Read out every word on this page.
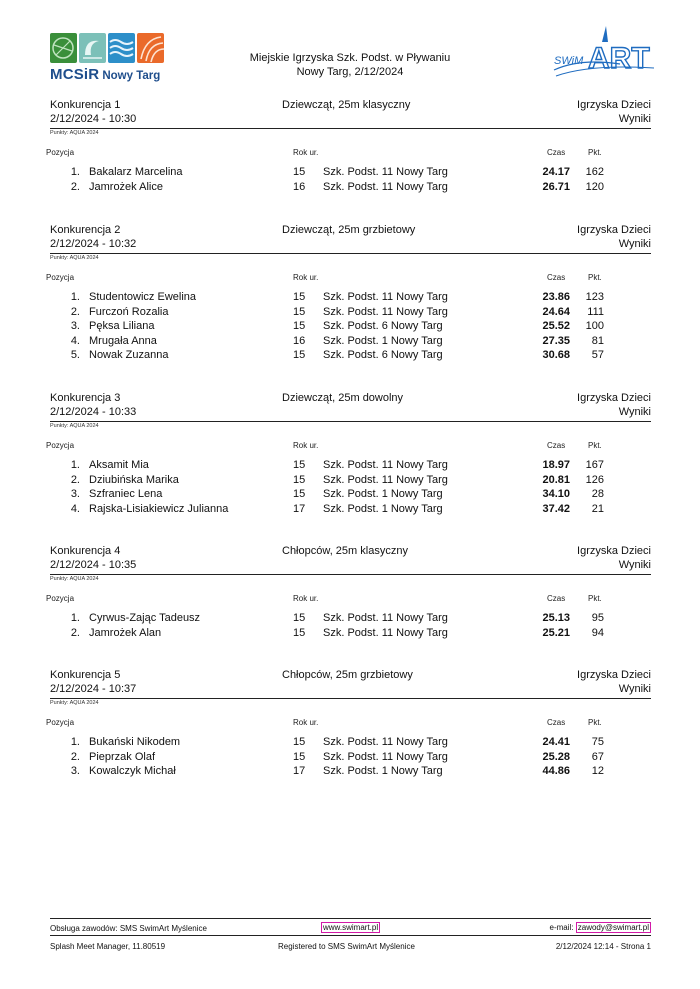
MCSiR Nowy Targ
Miejskie Igrzyska Szk. Podst. w Pływaniu
Nowy Targ, 2/12/2024
SWiM ART
Konkurencja 1	Dziewcząt, 25m klasyczny	Igrzyska Dzieci
2/12/2024 - 10:30	Wyniki
Punkty: AQUA 2024
Pozycja	Rok ur.	Czas	Pkt.
1. Bakalarz Marcelina	15 Szk. Podst. 11 Nowy Targ	24.17 162
2. Jamrożek Alice	16 Szk. Podst. 11 Nowy Targ	26.71 120
Konkurencja 2	Dziewcząt, 25m grzbietowy	Igrzyska Dzieci
2/12/2024 - 10:32	Wyniki
Punkty: AQUA 2024
Pozycja	Rok ur.	Czas	Pkt.
1. Studentowicz Ewelina	15 Szk. Podst. 11 Nowy Targ	23.86 123
2. Furczoń Rozalia	15 Szk. Podst. 11 Nowy Targ	24.64	111
3. Pęksa Liliana	15 Szk. Podst. 6 Nowy Targ	25.52 100
4. Mrugała Anna	16 Szk. Podst. 1 Nowy Targ	27.35	81
5. Nowak Zuzanna	15 Szk. Podst. 6 Nowy Targ	30.68	57
Konkurencja 3	Dziewcząt, 25m dowolny	Igrzyska Dzieci
2/12/2024 - 10:33	Wyniki
Punkty: AQUA 2024
Pozycja	Rok ur.	Czas	Pkt.
1. Aksamit Mia	15 Szk. Podst. 11 Nowy Targ	18.97 167
2. Dziubińska Marika	15 Szk. Podst. 11 Nowy Targ	20.81 126
3. Szfraniec Lena	15 Szk. Podst. 1 Nowy Targ	34.10	28
4. Rajska-Lisiakiewicz Julianna	17 Szk. Podst. 1 Nowy Targ	37.42	21
Konkurencja 4	Chłopców, 25m klasyczny	Igrzyska Dzieci
2/12/2024 - 10:35	Wyniki
Punkty: AQUA 2024
Pozycja	Rok ur.	Czas	Pkt.
1. Cyrwus-Zając Tadeusz	15 Szk. Podst. 11 Nowy Targ	25.13	95
2. Jamrożek Alan	15 Szk. Podst. 11 Nowy Targ	25.21	94
Konkurencja 5	Chłopców, 25m grzbietowy	Igrzyska Dzieci
2/12/2024 - 10:37	Wyniki
Punkty: AQUA 2024
Pozycja	Rok ur.	Czas	Pkt.
1. Bukański Nikodem	15 Szk. Podst. 11 Nowy Targ	24.41	75
2. Pieprzak Olaf	15 Szk. Podst. 11 Nowy Targ	25.28	67
3. Kowalczyk Michał	17 Szk. Podst. 1 Nowy Targ	44.86	12
Obsługa zawodów: SMS SwimArt Myślenice	www.swimart.pl	e-mail: zawody@swimart.pl
Splash Meet Manager, 11.80519	Registered to SMS SwimArt Myślenice	2/12/2024 12:14 - Strona 1
